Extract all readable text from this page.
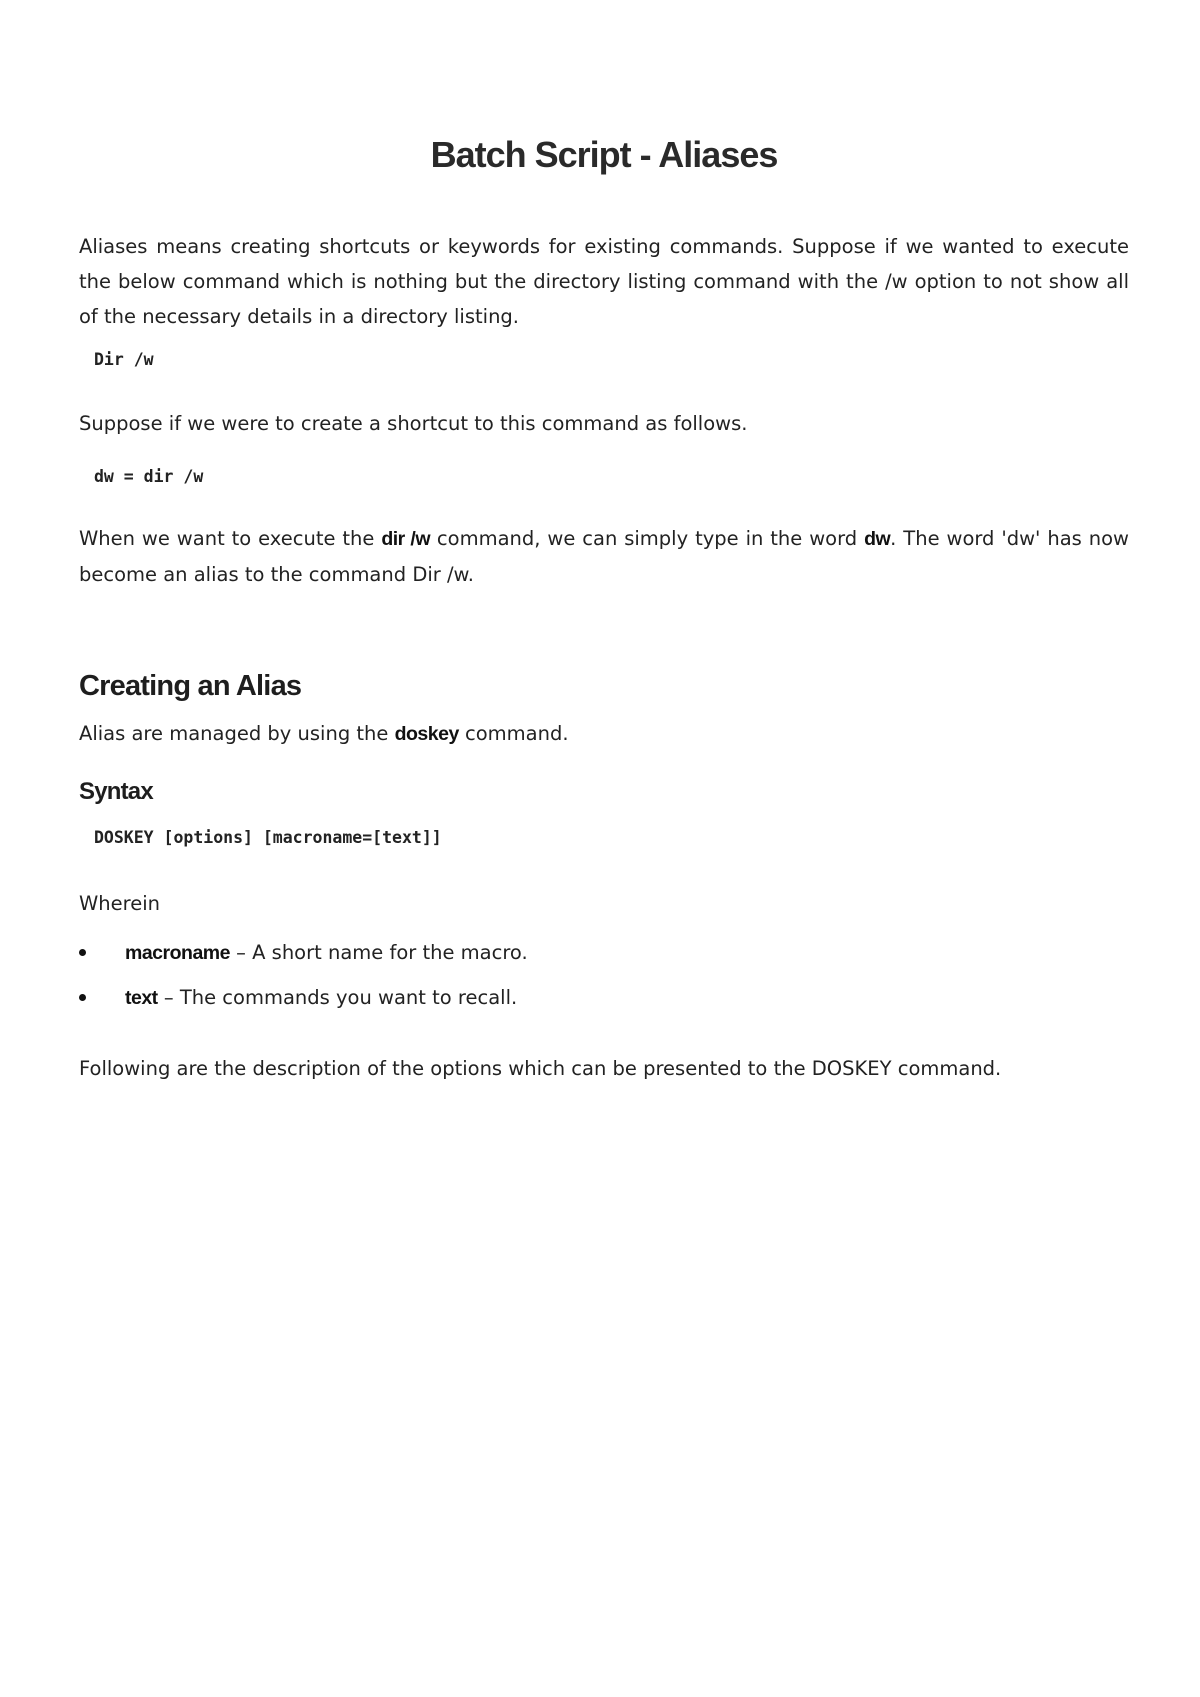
Batch Script - Aliases

Aliases means creating shortcuts or keywords for existing commands. Suppose if we wanted to execute the below command which is nothing but the directory listing command with the /w option to not show all of the necessary details in a directory listing.

Dir /w

Suppose if we were to create a shortcut to this command as follows.

dw = dir /w

When we want to execute the dir /w command, we can simply type in the word dw. The word 'dw' has now become an alias to the command Dir /w.

Creating an Alias

Alias are managed by using the doskey command.

Syntax
DOSKEY [options] [macroname=[text]]

Wherein

macroname – A short name for the macro.
text – The commands you want to recall.

Following are the description of the options which can be presented to the DOSKEY command.
